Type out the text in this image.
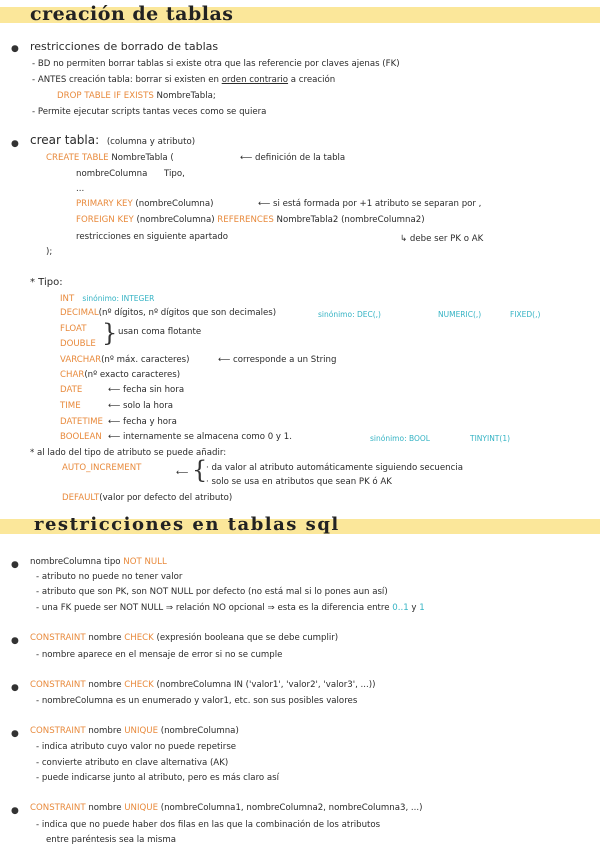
creación de tablas
● restricciones de borrado de tablas
- BD no permiten borrar tablas si existe otra que las referencie por claves ajenas (FK)
- ANTES creación tabla: borrar si existen en orden contrario a creación
DROP TABLE IF EXISTS NombreTabla;
- Permite ejecutar scripts tantas veces como se quiera
● crear tabla: (columna y atributo)
CREATE TABLE NombreTabla (	⟵ definición de la tabla
nombreColumna Tipo,
...
PRIMARY KEY (nombreColumna)	⟵ si está formada por +1 atributo se separan por ,
FOREIGN KEY (nombreColumna) REFERENCES NombreTabla2 (nombreColumna2)
restricciones en siguiente apartado	↳ debe ser PK o AK
);
* Tipo:
INT sinónimo: INTEGER
DECIMAL(nº dígitos, nº dígitos que son decimales)	sinónimo: DEC(,)	NUMERIC(,)	FIXED(,)
FLOAT } usan coma flotante
DOUBLE
VARCHAR(nº máx. caracteres)	⟵ corresponde a un String
CHAR(nº exacto caracteres)
DATE	⟵ fecha sin hora
TIME	⟵ solo la hora
DATETIME ⟵ fecha y hora
BOOLEAN ⟵ internamente se almacena como 0 y 1.	sinónimo: BOOL	TINYINT(1)
* al lado del tipo de atributo se puede añadir:
AUTO_INCREMENT	⟵ {
· da valor al atributo automáticamente siguiendo secuencia
· solo se usa en atributos que sean PK ó AK
DEFAULT(valor por defecto del atributo)
restricciones en tablas sql
● nombreColumna tipo NOT NULL
- atributo no puede no tener valor
- atributo que son PK, son NOT NULL por defecto (no está mal si lo pones aun así)
- una FK puede ser NOT NULL ⇒ relación NO opcional ⇒ esta es la diferencia entre 0..1 y 1
● CONSTRAINT nombre CHECK (expresión booleana que se debe cumplir)
- nombre aparece en el mensaje de error si no se cumple
● CONSTRAINT nombre CHECK (nombreColumna IN ('valor1', 'valor2', 'valor3', ...))
- nombreColumna es un enumerado y valor1, etc. son sus posibles valores
● CONSTRAINT nombre UNIQUE (nombreColumna)
- indica atributo cuyo valor no puede repetirse
- convierte atributo en clave alternativa (AK)
- puede indicarse junto al atributo, pero es más claro así
● CONSTRAINT nombre UNIQUE (nombreColumna1, nombreColumna2, nombreColumna3, ...)
- indica que no puede haber dos filas en las que la combinación de los atributos
entre paréntesis sea la misma
